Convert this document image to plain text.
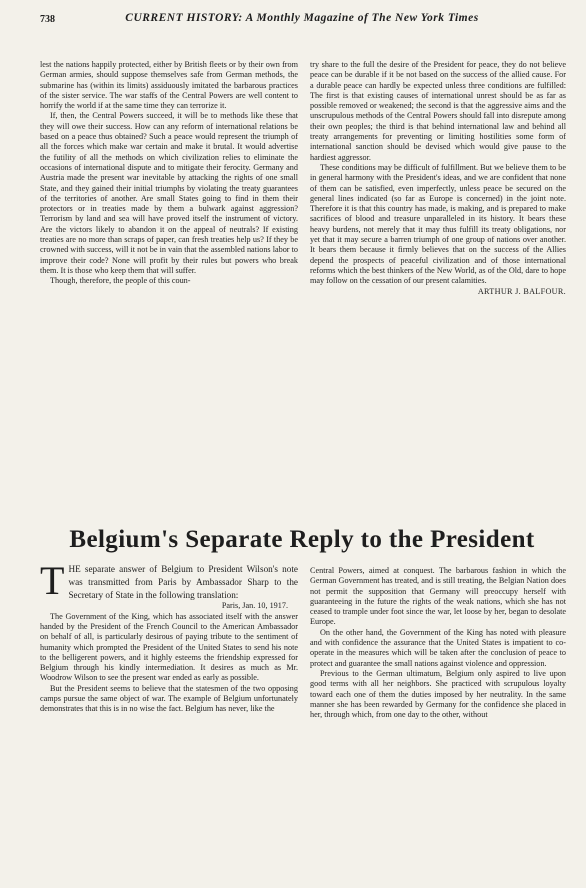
738	CURRENT HISTORY: A Monthly Magazine of The New York Times

lest the nations happily protected, either by British fleets or by their own from German armies, should suppose themselves safe from German methods, the submarine has (within its limits) assiduously imitated the barbarous practices of the sister service. The war staffs of the Central Powers are well content to horrify the world if at the same time they can terrorize it.

If, then, the Central Powers succeed, it will be to methods like these that they will owe their success. How can any reform of international relations be based on a peace thus obtained? Such a peace would represent the triumph of all the forces which make war certain and make it brutal. It would advertise the futility of all the methods on which civilization relies to eliminate the occasions of international dispute and to mitigate their ferocity. Germany and Austria made the present war inevitable by attacking the rights of one small State, and they gained their initial triumphs by violating the treaty guarantees of the territories of another. Are small States going to find in them their protectors or in treaties made by them a bulwark against aggression? Terrorism by land and sea will have proved itself the instrument of victory. Are the victors likely to abandon it on the appeal of neutrals? If existing treaties are no more than scraps of paper, can fresh treaties help us? If they be crowned with success, will it not be in vain that the assembled nations labor to improve their code? None will profit by their rules but powers who break them. It is those who keep them that will suffer.

Though, therefore, the people of this coun-

try share to the full the desire of the President for peace, they do not believe peace can be durable if it be not based on the success of the allied cause. For a durable peace can hardly be expected unless three conditions are fulfilled: The first is that existing causes of international unrest should be as far as possible removed or weakened; the second is that the aggressive aims and the unscrupulous methods of the Central Powers should fall into disrepute among their own peoples; the third is that behind international law and behind all treaty arrangements for preventing or limiting hostilities some form of international sanction should be devised which would give pause to the hardiest aggressor.

These conditions may be difficult of fulfillment. But we believe them to be in general harmony with the President's ideas, and we are confident that none of them can be satisfied, even imperfectly, unless peace be secured on the general lines indicated (so far as Europe is concerned) in the joint note. Therefore it is that this country has made, is making, and is prepared to make sacrifices of blood and treasure unparalleled in its history. It bears these heavy burdens, not merely that it may thus fulfill its treaty obligations, nor yet that it may secure a barren triumph of one group of nations over another. It bears them because it firmly believes that on the success of the Allies depend the prospects of peaceful civilization and of those international reforms which the best thinkers of the New World, as of the Old, dare to hope may follow on the cessation of our present calamities.

ARTHUR J. BALFOUR.

Belgium's Separate Reply to the President

THE separate answer of Belgium to President Wilson's note was transmitted from Paris by Ambassador Sharp to the Secretary of State in the following translation:

Paris, Jan. 10, 1917.

The Government of the King, which has associated itself with the answer handed by the President of the French Council to the American Ambassador on behalf of all, is particularly desirous of paying tribute to the sentiment of humanity which prompted the President of the United States to send his note to the belligerent powers, and it highly esteems the friendship expressed for Belgium through his kindly intermediation. It desires as much as Mr. Woodrow Wilson to see the present war ended as early as possible.

But the President seems to believe that the statesmen of the two opposing camps pursue the same object of war. The example of Belgium unfortunately demonstrates that this is in no wise the fact. Belgium has never, like the

Central Powers, aimed at conquest. The barbarous fashion in which the German Government has treated, and is still treating, the Belgian Nation does not permit the supposition that Germany will preoccupy herself with guaranteeing in the future the rights of the weak nations, which she has not ceased to trample under foot since the war, let loose by her, began to desolate Europe.

On the other hand, the Government of the King has noted with pleasure and with confidence the assurance that the United States is impatient to co-operate in the measures which will be taken after the conclusion of peace to protect and guarantee the small nations against violence and oppression.

Previous to the German ultimatum, Belgium only aspired to live upon good terms with all her neighbors. She practiced with scrupulous loyalty toward each one of them the duties imposed by her neutrality. In the same manner she has been rewarded by Germany for the confidence she placed in her, through which, from one day to the other, without
